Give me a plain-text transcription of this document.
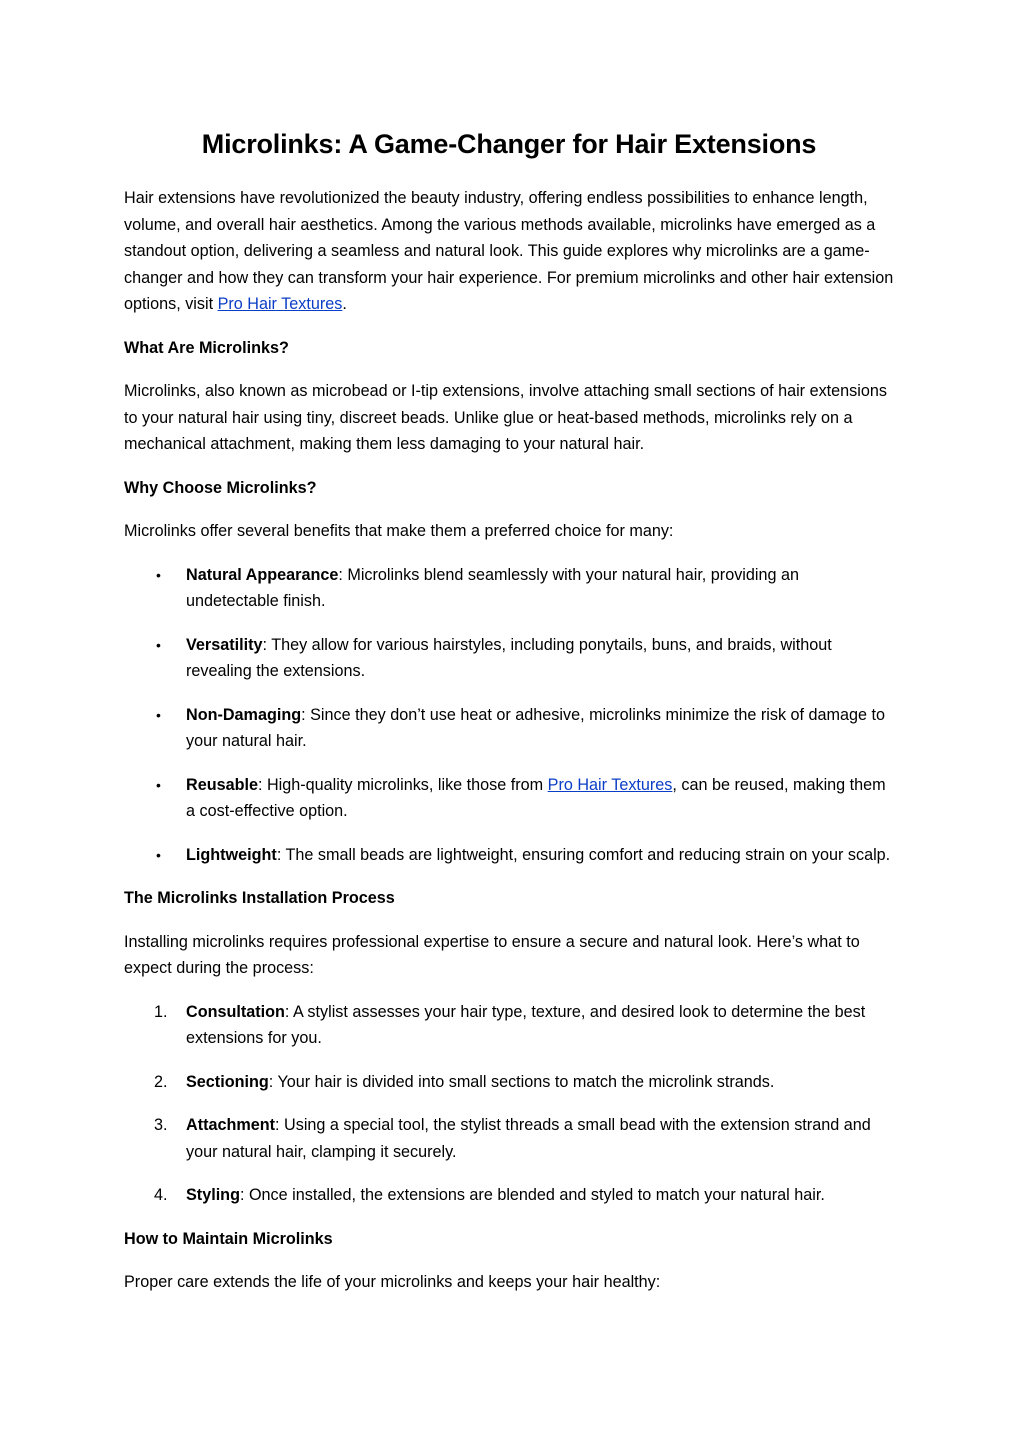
Microlinks: A Game-Changer for Hair Extensions

Hair extensions have revolutionized the beauty industry, offering endless possibilities to enhance length, volume, and overall hair aesthetics. Among the various methods available, microlinks have emerged as a standout option, delivering a seamless and natural look. This guide explores why microlinks are a game-changer and how they can transform your hair experience. For premium microlinks and other hair extension options, visit Pro Hair Textures.

What Are Microlinks?

Microlinks, also known as microbead or I-tip extensions, involve attaching small sections of hair extensions to your natural hair using tiny, discreet beads. Unlike glue or heat-based methods, microlinks rely on a mechanical attachment, making them less damaging to your natural hair.

Why Choose Microlinks?

Microlinks offer several benefits that make them a preferred choice for many:

•	Natural Appearance: Microlinks blend seamlessly with your natural hair, providing an undetectable finish.
•	Versatility: They allow for various hairstyles, including ponytails, buns, and braids, without revealing the extensions.
•	Non-Damaging: Since they don’t use heat or adhesive, microlinks minimize the risk of damage to your natural hair.
•	Reusable: High-quality microlinks, like those from Pro Hair Textures, can be reused, making them a cost-effective option.
•	Lightweight: The small beads are lightweight, ensuring comfort and reducing strain on your scalp.

The Microlinks Installation Process

Installing microlinks requires professional expertise to ensure a secure and natural look. Here’s what to expect during the process:

1.	Consultation: A stylist assesses your hair type, texture, and desired look to determine the best extensions for you.
2.	Sectioning: Your hair is divided into small sections to match the microlink strands.
3.	Attachment: Using a special tool, the stylist threads a small bead with the extension strand and your natural hair, clamping it securely.
4.	Styling: Once installed, the extensions are blended and styled to match your natural hair.

How to Maintain Microlinks

Proper care extends the life of your microlinks and keeps your hair healthy:
